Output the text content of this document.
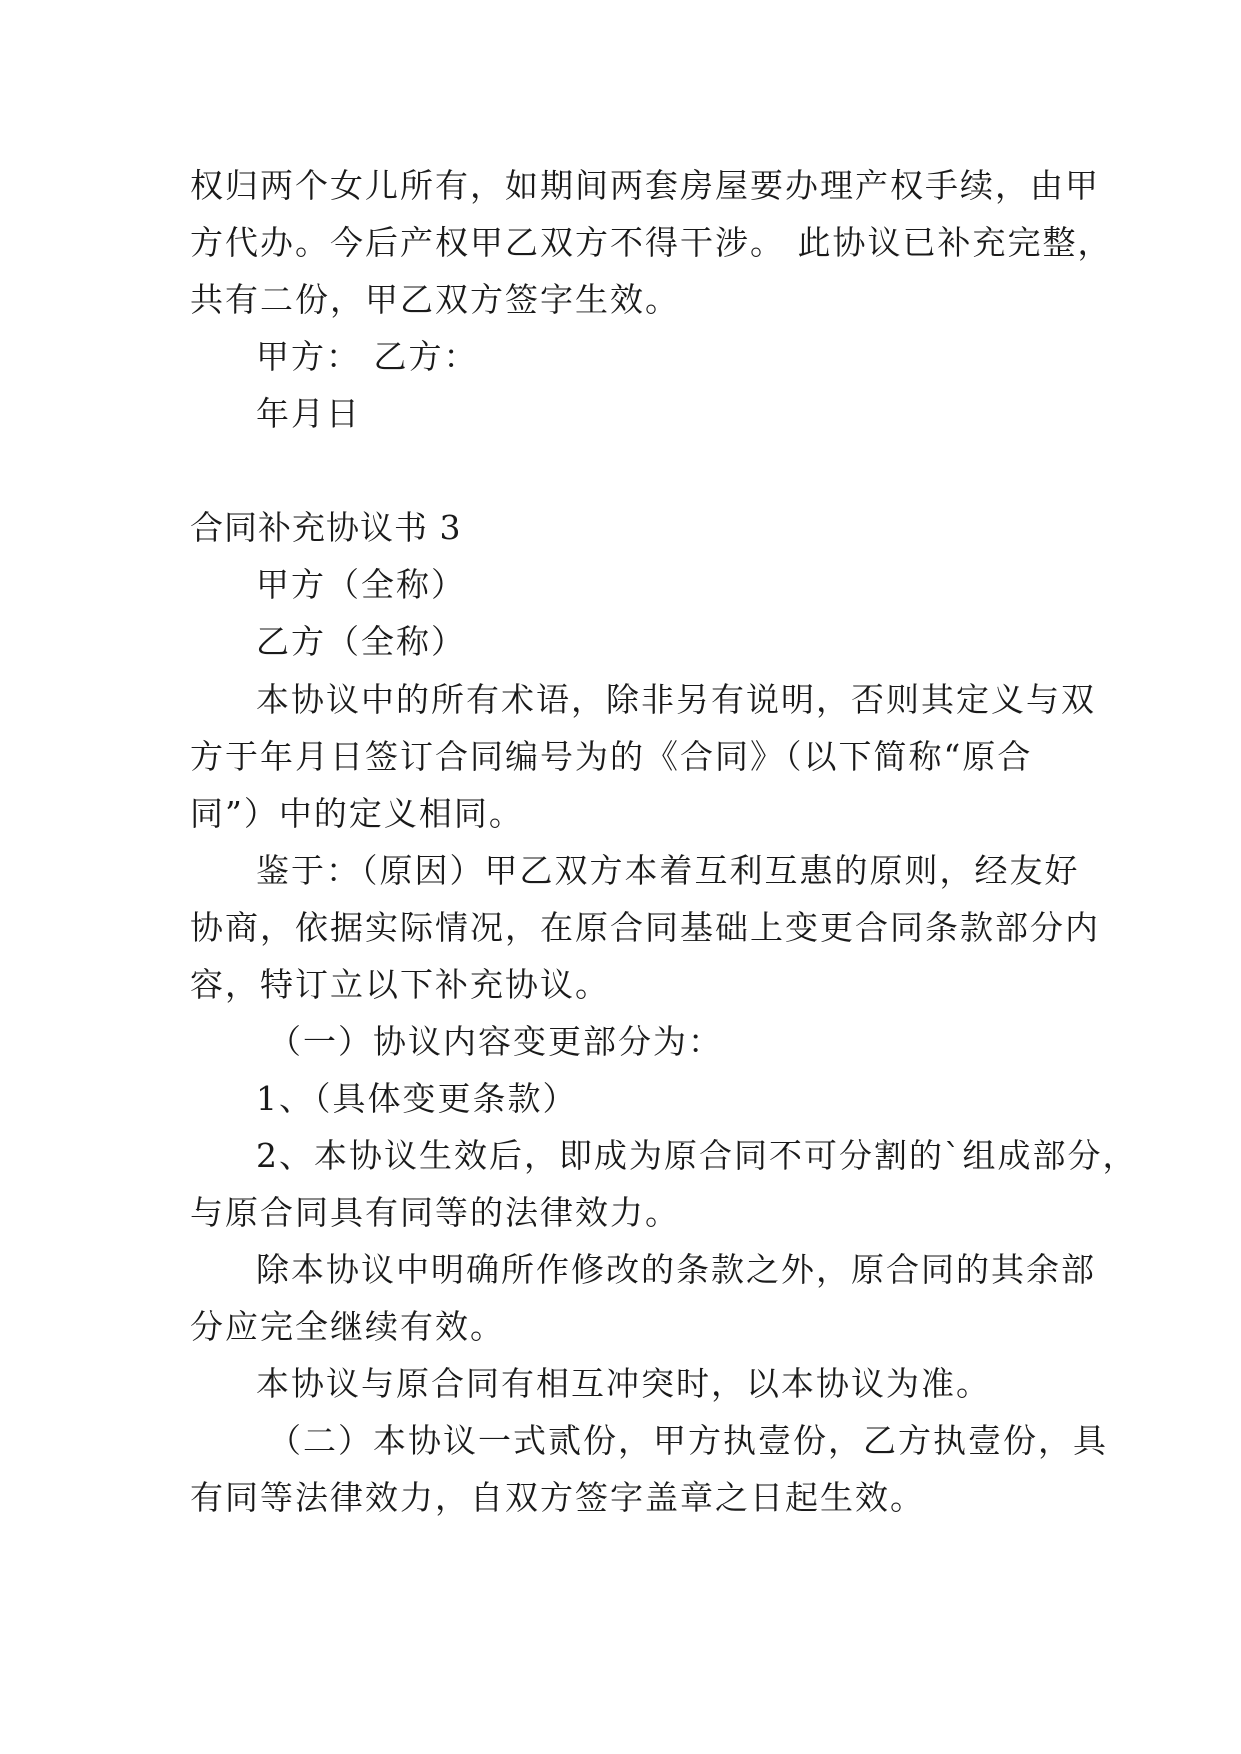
权归两个女儿所有，如期间两套房屋要办理产权手续，由甲
方代办。今后产权甲乙双方不得干涉。 此协议已补充完整，
共有二份，甲乙双方签字生效。
甲方： 乙方：
年月日
合同补充协议书 3
甲方（全称）
乙方（全称）
本协议中的所有术语，除非另有说明，否则其定义与双
方于年月日签订合同编号为的《合同》（以下简称“原合
同”）中的定义相同。
鉴于：（原因）甲乙双方本着互利互惠的原则，经友好
协商，依据实际情况，在原合同基础上变更合同条款部分内
容，特订立以下补充协议。
（一）协议内容变更部分为：
1、（具体变更条款）
2、本协议生效后，即成为原合同不可分割的`组成部分，
与原合同具有同等的法律效力。
除本协议中明确所作修改的条款之外，原合同的其余部
分应完全继续有效。
本协议与原合同有相互冲突时，以本协议为准。
（二）本协议一式贰份，甲方执壹份，乙方执壹份，具
有同等法律效力，自双方签字盖章之日起生效。
